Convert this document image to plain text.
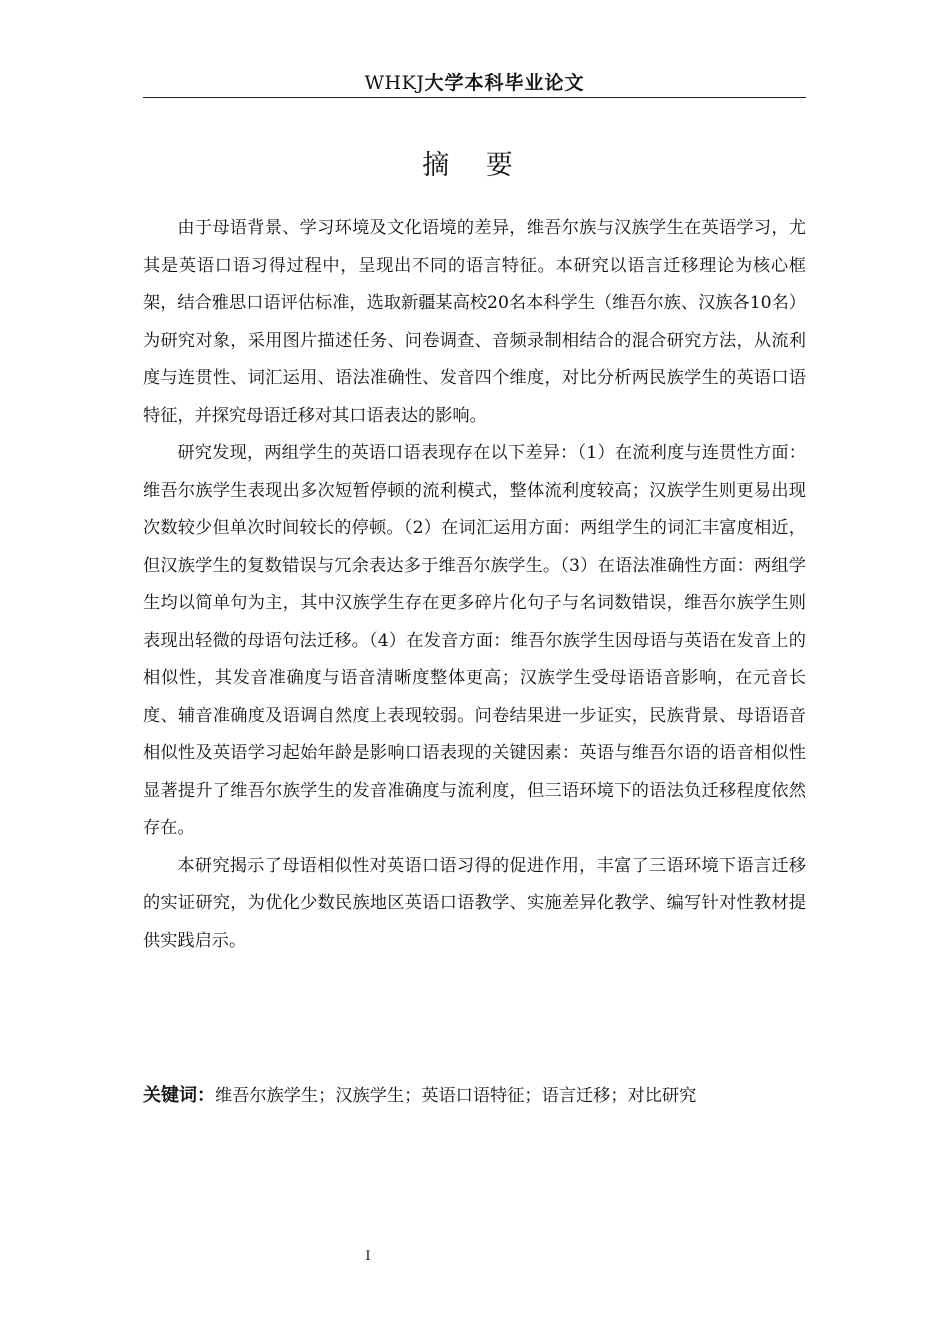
WHKJ大学本科毕业论文
摘 要

由于母语背景、学习环境及文化语境的差异，维吾尔族与汉族学生在英语学习，尤其是英语口语习得过程中，呈现出不同的语言特征。本研究以语言迁移理论为核心框架，结合雅思口语评估标准，选取新疆某高校20名本科学生（维吾尔族、汉族各10名）为研究对象，采用图片描述任务、问卷调查、音频录制相结合的混合研究方法，从流利度与连贯性、词汇运用、语法准确性、发音四个维度，对比分析两民族学生的英语口语特征，并探究母语迁移对其口语表达的影响。

研究发现，两组学生的英语口语表现存在以下差异：（1）在流利度与连贯性方面：维吾尔族学生表现出多次短暂停顿的流利模式，整体流利度较高；汉族学生则更易出现次数较少但单次时间较长的停顿。（2）在词汇运用方面：两组学生的词汇丰富度相近，但汉族学生的复数错误与冗余表达多于维吾尔族学生。（3）在语法准确性方面：两组学生均以简单句为主，其中汉族学生存在更多碎片化句子与名词数错误，维吾尔族学生则表现出轻微的母语句法迁移。（4）在发音方面：维吾尔族学生因母语与英语在发音上的相似性，其发音准确度与语音清晰度整体更高；汉族学生受母语语音影响，在元音长度、辅音准确度及语调自然度上表现较弱。问卷结果进一步证实，民族背景、母语语音相似性及英语学习起始年龄是影响口语表现的关键因素：英语与维吾尔语的语音相似性显著提升了维吾尔族学生的发音准确度与流利度，但三语环境下的语法负迁移程度依然存在。

本研究揭示了母语相似性对英语口语习得的促进作用，丰富了三语环境下语言迁移的实证研究，为优化少数民族地区英语口语教学、实施差异化教学、编写针对性教材提供实践启示。

关键词：维吾尔族学生；汉族学生；英语口语特征；语言迁移；对比研究
I
